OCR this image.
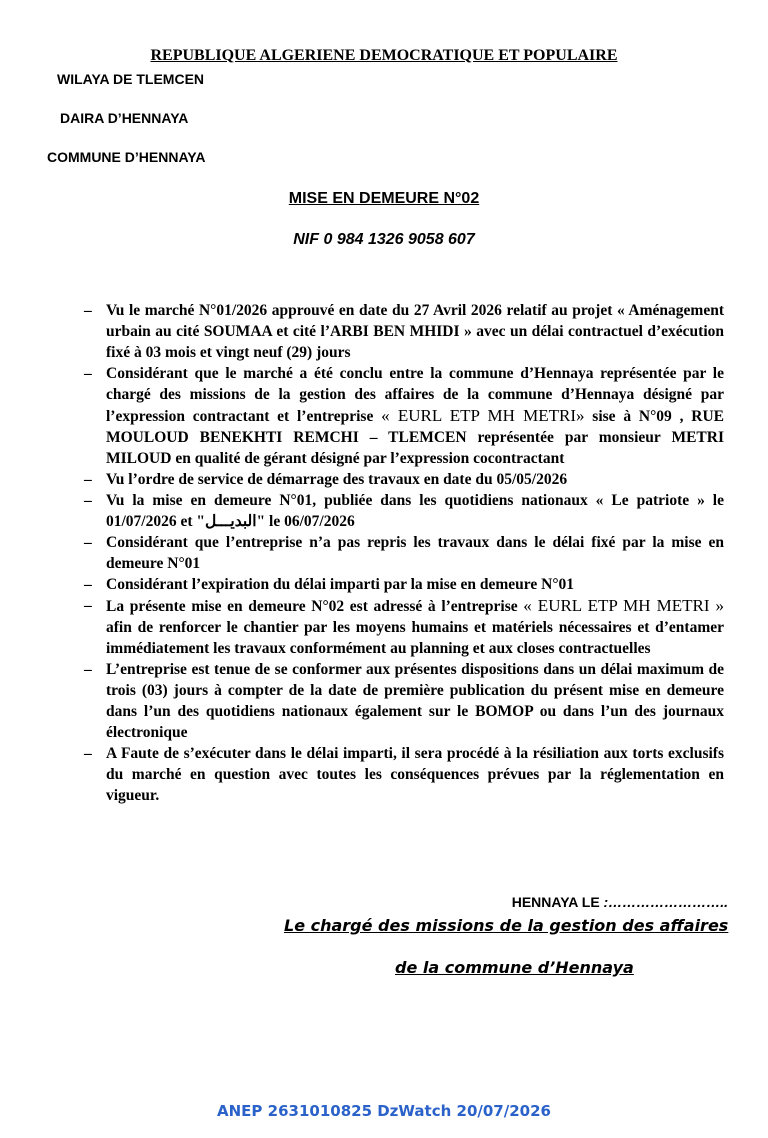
REPUBLIQUE ALGERIENE DEMOCRATIQUE ET POPULAIRE
WILAYA DE TLEMCEN
DAIRA D’HENNAYA
COMMUNE D’HENNAYA
MISE EN DEMEURE N°02
NIF 0 984 1326 9058 607
– Vu le marché N°01/2026 approuvé en date du 27 Avril 2026 relatif au projet « Aménagement urbain au cité SOUMAA et cité l’ARBI BEN MHIDI » avec un délai contractuel d’exécution fixé à 03 mois et vingt neuf (29) jours
– Considérant que le marché a été conclu entre la commune d’Hennaya représentée par le chargé des missions de la gestion des affaires de la commune d’Hennaya désigné par l’expression contractant et l’entreprise « EURL ETP MH METRI» sise à N°09 , RUE MOULOUD BENEKHTI REMCHI – TLEMCEN représentée par monsieur METRI MILOUD en qualité de gérant désigné par l’expression cocontractant
– Vu l’ordre de service de démarrage des travaux en date du 05/05/2026
– Vu la mise en demeure N°01, publiée dans les quotidiens nationaux « Le patriote » le 01/07/2026 et "البديـــل" le 06/07/2026
– Considérant que l’entreprise n’a pas repris les travaux dans le délai fixé par la mise en demeure N°01
– Considérant l’expiration du délai imparti par la mise en demeure N°01
– La présente mise en demeure N°02 est adressé à l’entreprise « EURL ETP MH METRI » afin de renforcer le chantier par les moyens humains et matériels nécessaires et d’entamer immédiatement les travaux conformément au planning et aux closes contractuelles
– L’entreprise est tenue de se conformer aux présentes dispositions dans un délai maximum de trois (03) jours à compter de la date de première publication du présent mise en demeure dans l’un des quotidiens nationaux également sur le BOMOP ou dans l’un des journaux électronique
– A Faute de s’exécuter dans le délai imparti, il sera procédé à la résiliation aux torts exclusifs du marché en question avec toutes les conséquences prévues par la réglementation en vigueur.
HENNAYA LE :……………………..
Le chargé des missions de la gestion des affaires
de la commune d’Hennaya
ANEP 2631010825 DzWatch 20/07/2026
